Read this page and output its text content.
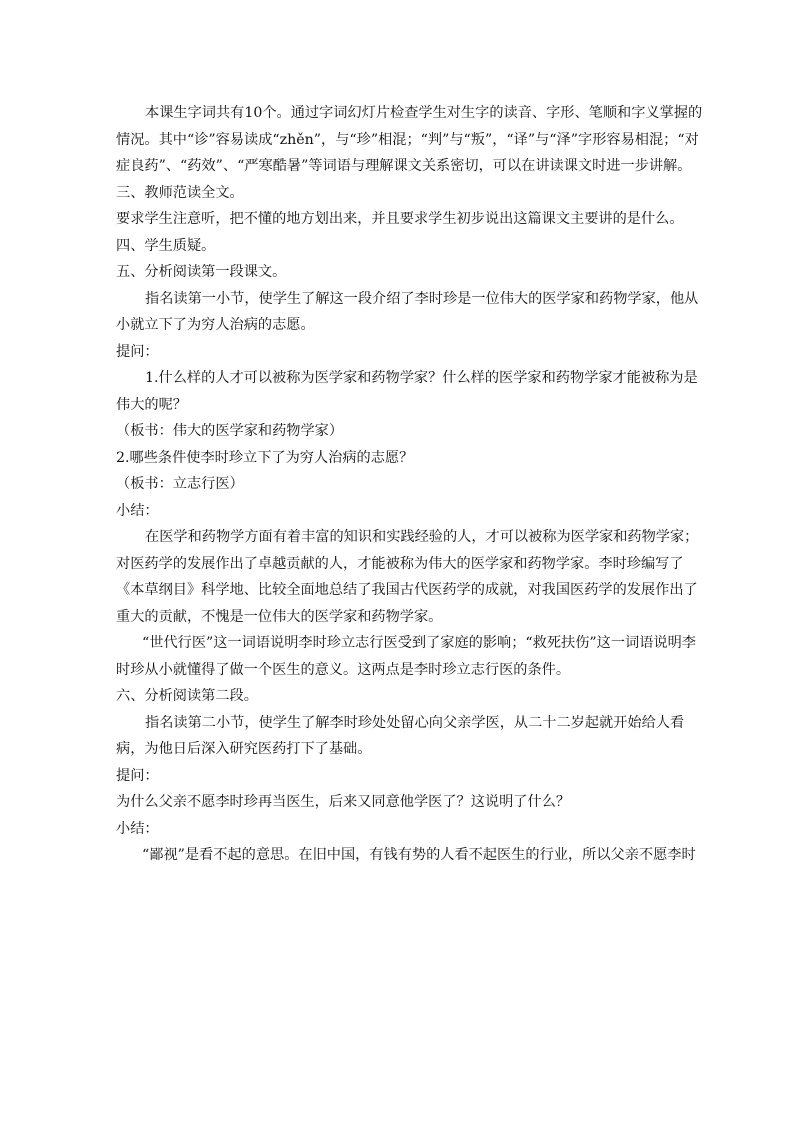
本课生字词共有10个。通过字词幻灯片检查学生对生字的读音、字形、笔顺和字义掌握的情况。其中“诊”容易读成“zhěn”，与“珍”相混；“判”与“叛”，“译”与“泽”字形容易相混；“对症良药”、“药效”、“严寒酷暑”等词语与理解课文关系密切，可以在讲读课文时进一步讲解。

三、教师范读全文。

要求学生注意听，把不懂的地方划出来，并且要求学生初步说出这篇课文主要讲的是什么。

四、学生质疑。

五、分析阅读第一段课文。

指名读第一小节，使学生了解这一段介绍了李时珍是一位伟大的医学家和药物学家，他从小就立下了为穷人治病的志愿。

提问：

1.什么样的人才可以被称为医学家和药物学家？什么样的医学家和药物学家才能被称为是伟大的呢？

（板书：伟大的医学家和药物学家）

2.哪些条件使李时珍立下了为穷人治病的志愿？

（板书：立志行医）

小结：

在医学和药物学方面有着丰富的知识和实践经验的人，才可以被称为医学家和药物学家；对医药学的发展作出了卓越贡献的人，才能被称为伟大的医学家和药物学家。李时珍编写了《本草纲目》科学地、比较全面地总结了我国古代医药学的成就，对我国医药学的发展作出了重大的贡献，不愧是一位伟大的医学家和药物学家。

“世代行医”这一词语说明李时珍立志行医受到了家庭的影响；“救死扶伤”这一词语说明李时珍从小就懂得了做一个医生的意义。这两点是李时珍立志行医的条件。

六、分析阅读第二段。

指名读第二小节，使学生了解李时珍处处留心向父亲学医，从二十二岁起就开始给人看病，为他日后深入研究医药打下了基础。

提问：

为什么父亲不愿李时珍再当医生，后来又同意他学医了？这说明了什么？

小结：

“鄙视”是看不起的意思。在旧中国，有钱有势的人看不起医生的行业，所以父亲不愿李时
